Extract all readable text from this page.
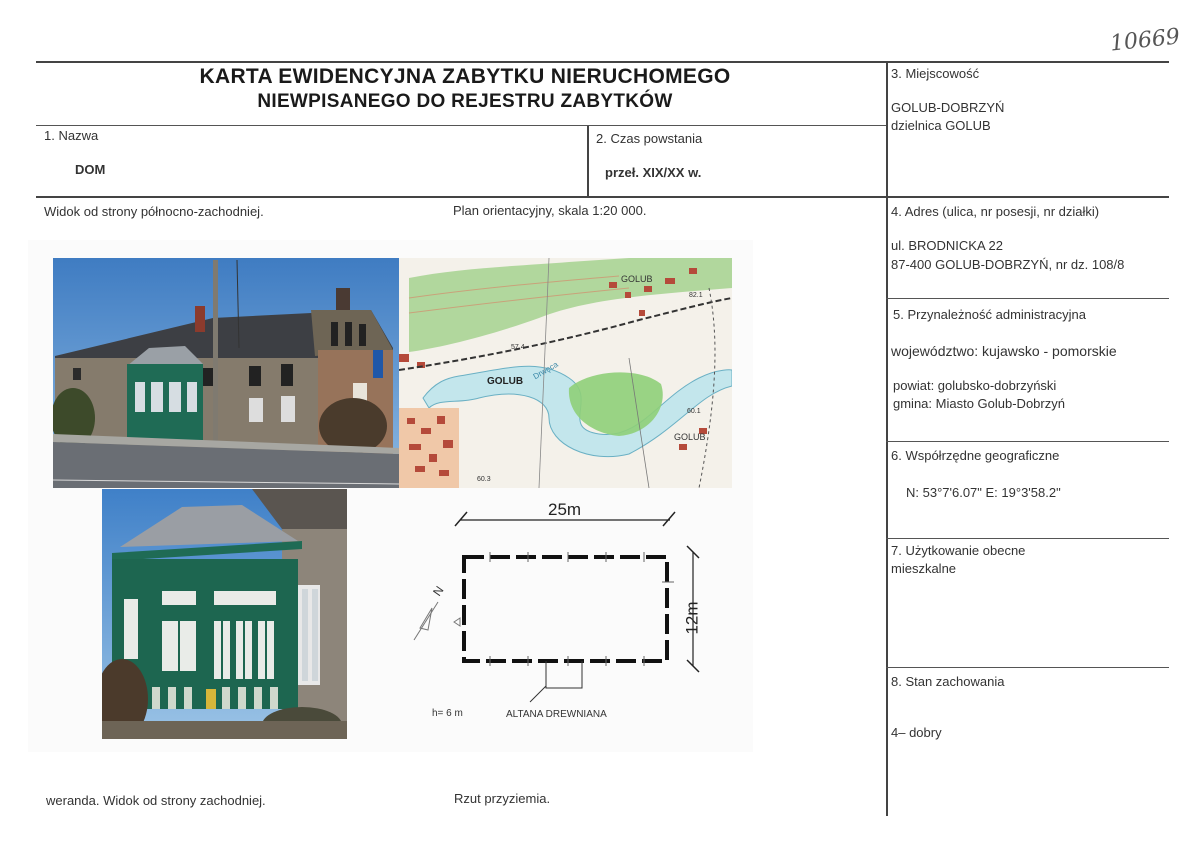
10669
KARTA EWIDENCYJNA ZABYTKU NIERUCHOMEGO
NIEWPISANEGO DO REJESTRU ZABYTKÓW
1. Nazwa
DOM
2. Czas powstania
przeł. XIX/XX w.
3. Miejscowość
GOLUB-DOBRZYŃ
dzielnica GOLUB
4. Adres (ulica, nr posesji, nr działki)
ul. BRODNICKA 22
87-400 GOLUB-DOBRZYŃ, nr dz. 108/8
5. Przynależność administracyjna
województwo: kujawsko - pomorskie
powiat: golubsko-dobrzyński
gmina: Miasto Golub-Dobrzyń
6. Współrzędne geograficzne
N: 53°7'6.07" E: 19°3'58.2"
7. Użytkowanie obecne
mieszkalne
8. Stan zachowania
4– dobry
Widok od strony północno-zachodniej.	Plan orientacyjny, skala 1:20 000.
weranda. Widok od strony zachodniej.	Rzut przyziemia.
GOLUB
GOLUB
GOLUB
Drwęca
82.1
60.1
57.4
60.3
25m
12m
N
h= 6 m	ALTANA DREWNIANA
